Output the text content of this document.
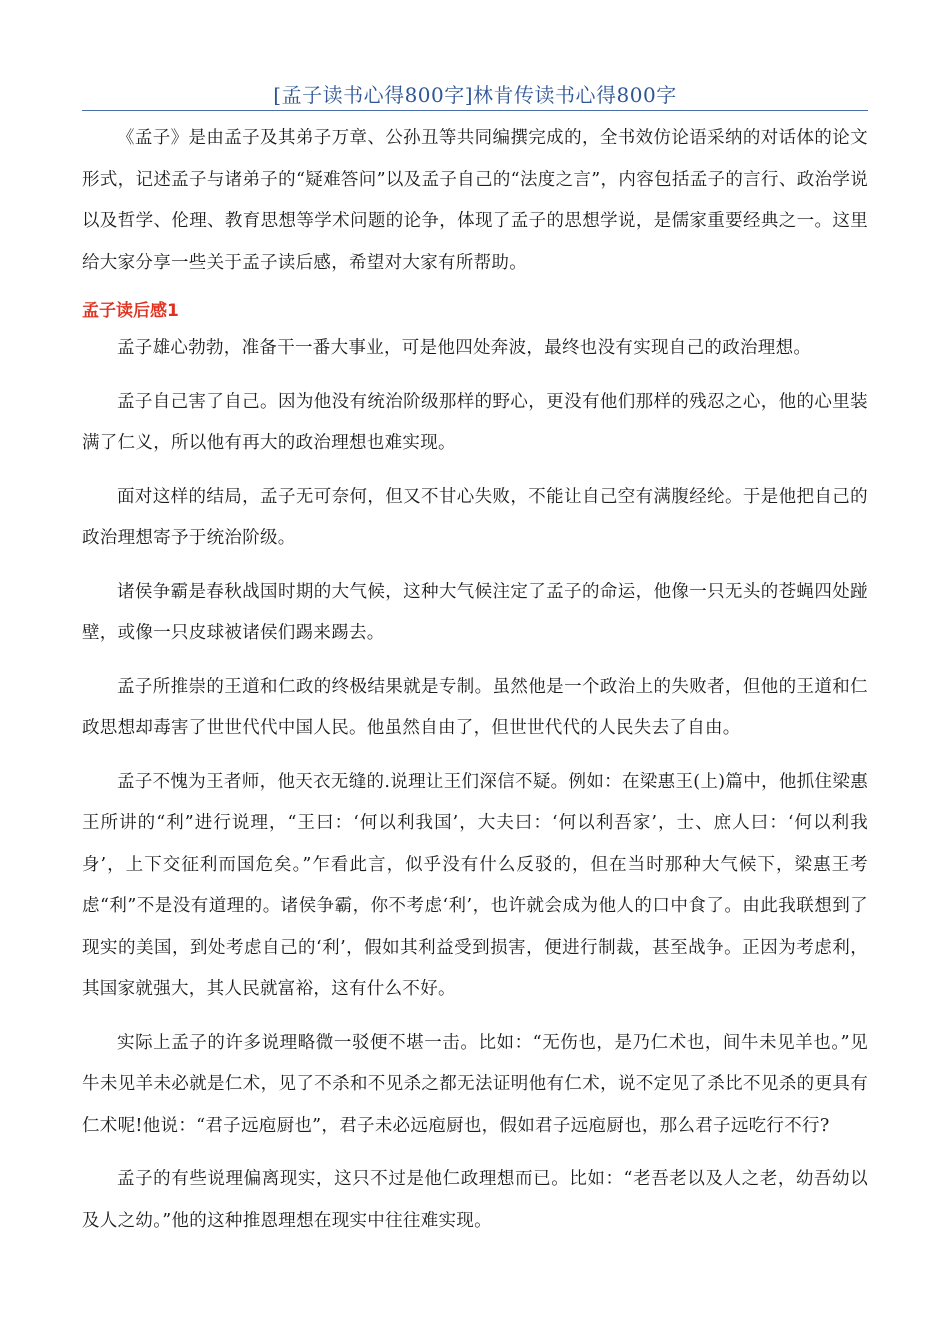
[孟子读书心得800字]林肯传读书心得800字

《孟子》是由孟子及其弟子万章、公孙丑等共同编撰完成的，全书效仿论语采纳的对话体的论文形式，记述孟子与诸弟子的“疑难答问”以及孟子自己的“法度之言”，内容包括孟子的言行、政治学说以及哲学、伦理、教育思想等学术问题的论争，体现了孟子的思想学说，是儒家重要经典之一。这里给大家分享一些关于孟子读后感，希望对大家有所帮助。

孟子读后感1

孟子雄心勃勃，准备干一番大事业，可是他四处奔波，最终也没有实现自己的政治理想。

孟子自己害了自己。因为他没有统治阶级那样的野心，更没有他们那样的残忍之心，他的心里装满了仁义，所以他有再大的政治理想也难实现。

面对这样的结局，孟子无可奈何，但又不甘心失败，不能让自己空有满腹经纶。于是他把自己的政治理想寄予于统治阶级。

诸侯争霸是春秋战国时期的大气候，这种大气候注定了孟子的命运，他像一只无头的苍蝇四处踫壁，或像一只皮球被诸侯们踢来踢去。

孟子所推崇的王道和仁政的终极结果就是专制。虽然他是一个政治上的失败者，但他的王道和仁政思想却毒害了世世代代中国人民。他虽然自由了，但世世代代的人民失去了自由。

孟子不愧为王者师，他天衣无缝的.说理让王们深信不疑。例如：在梁惠王(上)篇中，他抓住梁惠王所讲的“利”进行说理，“王曰：‘何以利我国’，大夫曰：‘何以利吾家’，士、庶人曰：‘何以利我身’，上下交征利而国危矣。”乍看此言，似乎没有什么反驳的，但在当时那种大气候下，梁惠王考虑“利”不是没有道理的。诸侯争霸，你不考虑‘利’，也许就会成为他人的口中食了。由此我联想到了现实的美国，到处考虑自己的‘利’，假如其利益受到损害，便进行制裁，甚至战争。正因为考虑利，其国家就强大，其人民就富裕，这有什么不好。

实际上孟子的许多说理略微一驳便不堪一击。比如：“无伤也，是乃仁术也，间牛未见羊也。”见牛未见羊未必就是仁术，见了不杀和不见杀之都无法证明他有仁术，说不定见了杀比不见杀的更具有仁术呢!他说：“君子远庖厨也”，君子未必远庖厨也，假如君子远庖厨也，那么君子远吃行不行?

孟子的有些说理偏离现实，这只不过是他仁政理想而已。比如：“老吾老以及人之老，幼吾幼以及人之幼。”他的这种推恩理想在现实中往往难实现。
